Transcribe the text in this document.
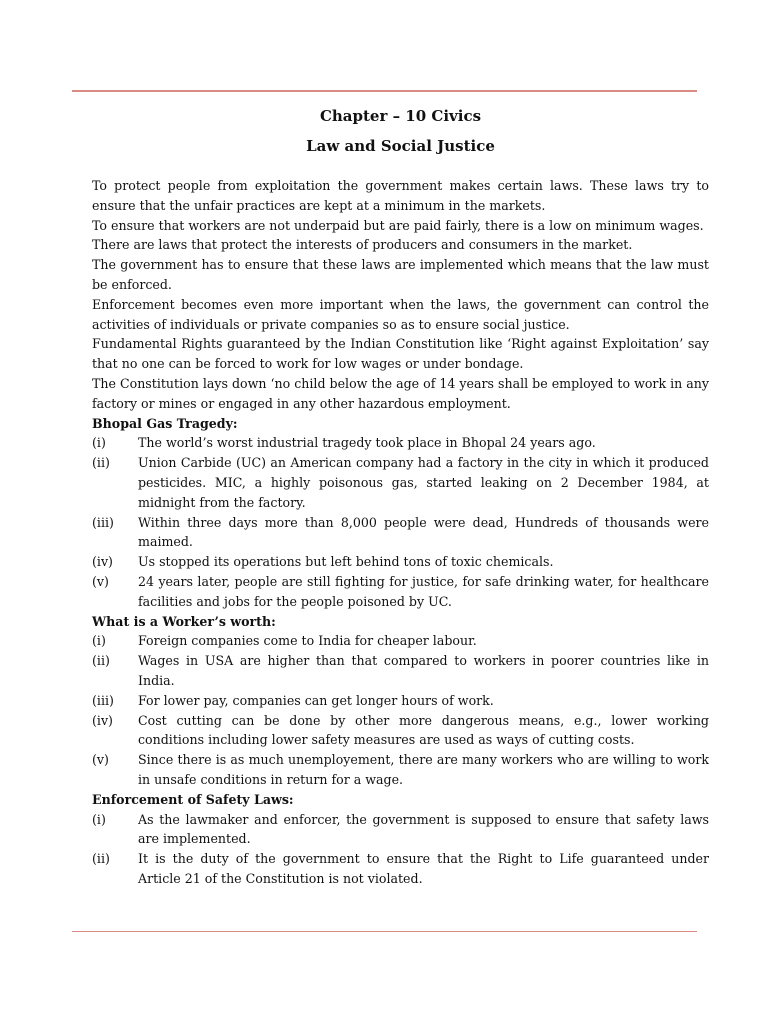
Chapter – 10 Civics
Law and Social Justice

To protect people from exploitation the government makes certain laws. These laws try to ensure that the unfair practices are kept at a minimum in the markets.

To ensure that workers are not underpaid but are paid fairly, there is a low on minimum wages.

There are laws that protect the interests of producers and consumers in the market.

The government has to ensure that these laws are implemented which means that the law must be enforced.

Enforcement becomes even more important when the laws, the government can control the activities of individuals or private companies so as to ensure social justice.

Fundamental Rights guaranteed by the Indian Constitution like ‘Right against Exploitation’ say that no one can be forced to work for low wages or under bondage.

The Constitution lays down ‘no child below the age of 14 years shall be employed to work in any factory or mines or engaged in any other hazardous employment.

Bhopal Gas Tragedy:
(i)	The world’s worst industrial tragedy took place in Bhopal 24 years ago.
(ii)	Union Carbide (UC) an American company had a factory in the city in which it produced pesticides. MIC, a highly poisonous gas, started leaking on 2 December 1984, at midnight from the factory.
(iii)	Within three days more than 8,000 people were dead, Hundreds of thousands were maimed.
(iv)	Us stopped its operations but left behind tons of toxic chemicals.
(v)	24 years later, people are still fighting for justice, for safe drinking water, for healthcare facilities and jobs for the people poisoned by UC.
What is a Worker’s worth:
(i)	Foreign companies come to India for cheaper labour.
(ii)	Wages in USA are higher than that compared to workers in poorer countries like in India.
(iii)	For lower pay, companies can get longer hours of work.
(iv)	Cost cutting can be done by other more dangerous means, e.g., lower working conditions including lower safety measures are used as ways of cutting costs.
(v)	Since there is as much unemployement, there are many workers who are willing to work in unsafe conditions in return for a wage.
Enforcement of Safety Laws:
(i)	As the lawmaker and enforcer, the government is supposed to ensure that safety laws are implemented.
(ii)	It is the duty of the government to ensure that the Right to Life guaranteed under Article 21 of the Constitution is not violated.
